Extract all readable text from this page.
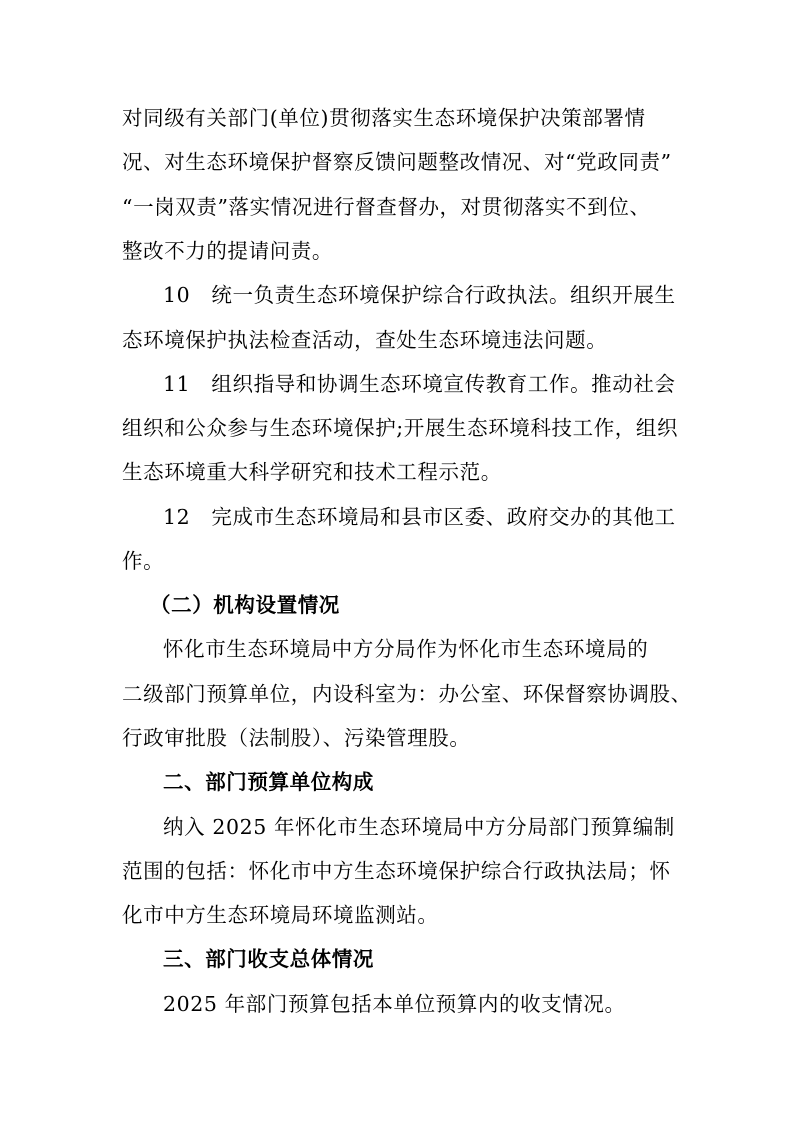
对同级有关部门(单位)贯彻落实生态环境保护决策部署情
况、对生态环境保护督察反馈问题整改情况、对“党政同责”
“一岗双责”落实情况进行督查督办，对贯彻落实不到位、
整改不力的提请问责。
10　统一负责生态环境保护综合行政执法。组织开展生
态环境保护执法检查活动，查处生态环境违法问题。
11　组织指导和协调生态环境宣传教育工作。推动社会
组织和公众参与生态环境保护;开展生态环境科技工作，组织
生态环境重大科学研究和技术工程示范。
12　完成市生态环境局和县市区委、政府交办的其他工
作。
（二）机构设置情况
怀化市生态环境局中方分局作为怀化市生态环境局的
二级部门预算单位，内设科室为：办公室、环保督察协调股、
行政审批股（法制股）、污染管理股。
二、部门预算单位构成
纳入 2025 年怀化市生态环境局中方分局部门预算编制
范围的包括：怀化市中方生态环境保护综合行政执法局；怀
化市中方生态环境局环境监测站。
三、部门收支总体情况
2025 年部门预算包括本单位预算内的收支情况。
